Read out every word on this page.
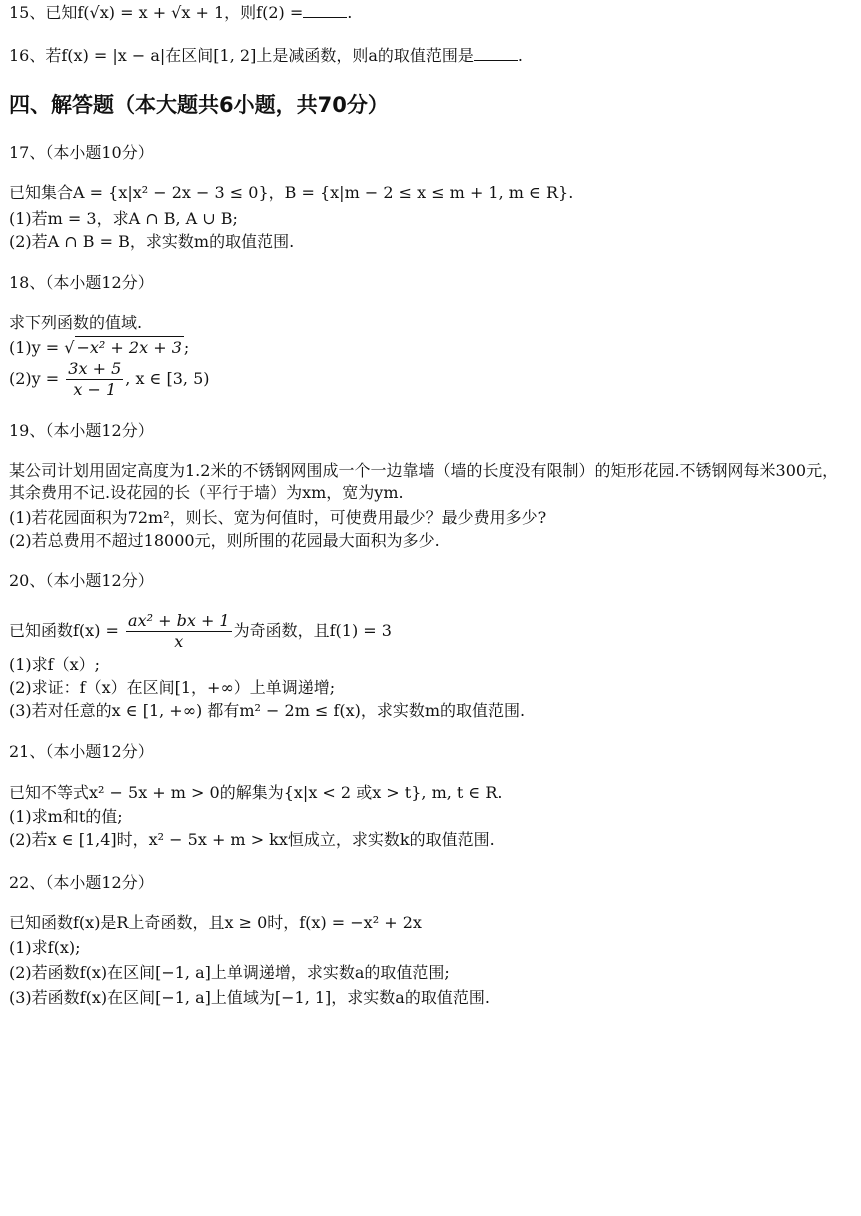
15、已知f(√x) = x + √x + 1，则f(2) =	.
16、若f(x) = |x − a|在区间[1, 2]上是减函数，则a的取值范围是	.
四、解答题（本大题共6小题，共70分）
17、（本小题10分）
已知集合A = {x|x² − 2x − 3 ≤ 0}，B = {x|m − 2 ≤ x ≤ m + 1, m ∈ R}.
(1)若m = 3，求A ∩ B, A ∪ B;
(2)若A ∩ B = B，求实数m的取值范围.
18、（本小题12分）
求下列函数的值域.
(1)y = √ −x² + 2x + 3 ;
$(2)y = \frac{3x + 5}{x - 1}$ , x ∈ [3, 5)
19、（本小题12分）
某公司计划用固定高度为1.2米的不锈钢网围成一个一边靠墙（墙的长度没有限制）的矩形花园.不锈钢网每米300元，其余费用不记.设花园的长（平行于墙）为xm，宽为ym.
(1)若花园面积为72m²，则长、宽为何值时，可使费用最少？最少费用多少?
(2)若总费用不超过18000元，则所围的花园最大面积为多少.
20、（本小题12分）
已知函数$f(x) = \frac{\text{ax² + bx + 1}}{x}$ 为奇函数，且f(1) = 3
(1)求f（x）;
(2)求证：f（x）在区间[1，+∞）上单调递增;
(3)若对任意的x ∈ [1, +∞) 都有m² − 2m ≤ f(x)，求实数m的取值范围.
21、（本小题12分）
已知不等式x² − 5x + m > 0的解集为{x|x < 2 或x > t}, m, t ∈ R.
(1)求m和t的值;
(2)若x ∈ [1,4]时，x² − 5x + m > kx恒成立，求实数k的取值范围.
22、（本小题12分）
已知函数f(x)是R上奇函数，且x ≥ 0时，f(x) = −x² + 2x
(1)求f(x);
(2)若函数f(x)在区间[−1, a]上单调递增，求实数a的取值范围;
(3)若函数f(x)在区间[−1, a]上值域为[−1, 1]，求实数a的取值范围.
